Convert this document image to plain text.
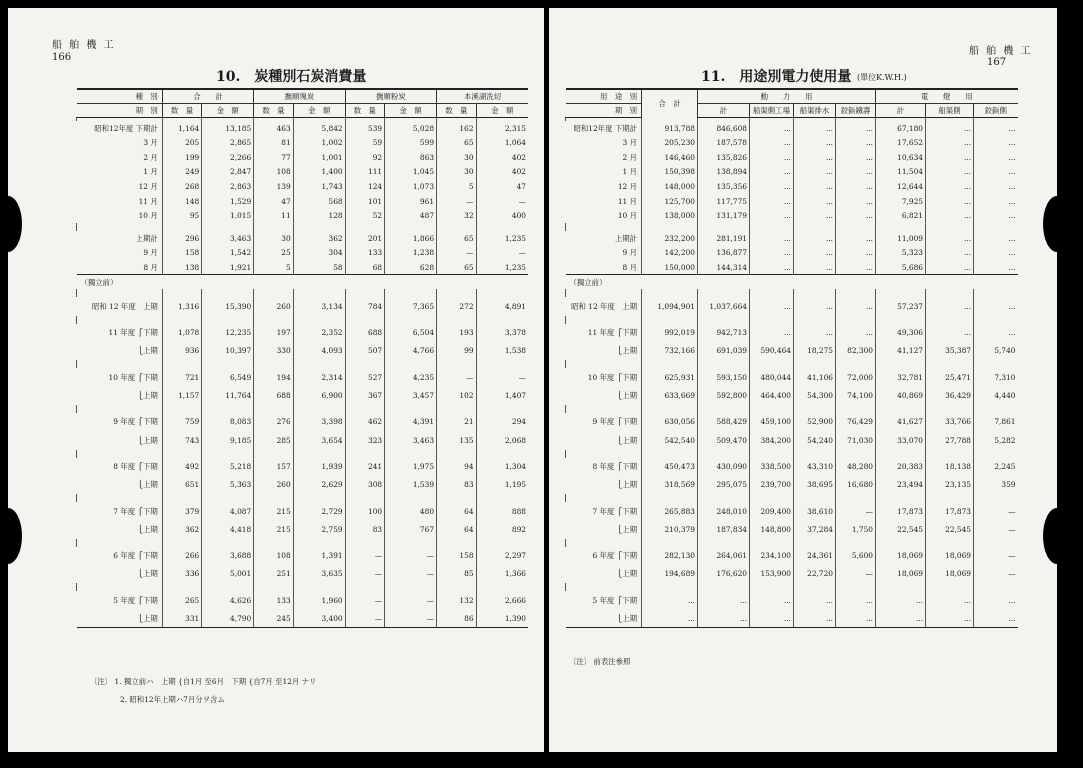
船 舶 機 工
166
10.　炭種別石炭消費量
種　別	合　　計		撫順塊炭		撫順粉炭		本溪湖洗切	
期　別	数　量	金　額	数　量	金　額	数　量	金　額	数　量	金　額

昭和12年度 下期計	1,164	13,185	463	5,842	539	5,028	162	2,315
3 月	205	2,865	81	1,002	59	599	65	1,064
2 月	199	2,266	77	1,001	92	863	30	402
1 月	249	2,847	108	1,400	111	1,045	30	402
12 月	268	2,863	139	1,743	124	1,073	5	47
11 月	148	1,529	47	568	101	961	—	—
10 月	95	1,015	11	128	52	487	32	400

上期計	296	3,463	30	362	201	1,866	65	1,235
9 月	158	1,542	25	304	133	1,238	—	—
8 月	138	1,921	5	58	68	628	65	1,235
（獨立前）								

昭和 12 年度　上期	1,316	15,390	260	3,134	784	7,365	272	4,891

11 年度 ⎧下期	1,078	12,235	197	2,352	688	6,504	193	3,378
⎩上期	936	10,397	330	4,093	507	4,766	99	1,538

10 年度 ⎧下期	721	6,549	194	2,314	527	4,235	—	—
⎩上期	1,157	11,764	688	6,900	367	3,457	102	1,407

9 年度 ⎧下期	759	8,083	276	3,398	462	4,391	21	294
⎩上期	743	9,185	285	3,654	323	3,463	135	2,068

8 年度 ⎧下期	492	5,218	157	1,939	241	1,975	94	1,304
⎩上期	651	5,363	260	2,629	308	1,539	83	1,195

7 年度 ⎧下期	379	4,087	215	2,729	100	480	64	888
⎩上期	362	4,418	215	2,759	83	767	64	892

6 年度 ⎧下期	266	3,688	108	1,391	—	—	158	2,297
⎩上期	336	5,001	251	3,635	—	—	85	1,366

5 年度 ⎧下期	265	4,626	133	1,960	—	—	132	2,666
⎩上期	331	4,790	245	3,400	—	—	86	1,390
〔注〕 1. 獨立前ハ　上期 {自1月 至6月　下期 {自7月 至12月 ナリ
2. 昭和12年上期ハ7月分ヲ含ム
船 舶 機 工
167
11.　用途別電力使用量 (單位K.W.H.)
用　途　別	合　計	動　　力　　用				電　　燈　　用		
期　別		計	船渠側工場	船渠排水	鉸鋲鐵壽	計	船渠側	鉸鋲側

昭和12年度 下期計	913,788	846,608	...	...	...	67,180	...	...
3 月	205,230	187,578	...	...	...	17,652	...	...
2 月	146,460	135,826	...	...	...	10,634	...	...
1 月	150,398	138,894	...	...	...	11,504	...	...
12 月	148,000	135,356	...	...	...	12,644	...	...
11 月	125,700	117,775	...	...	...	7,925	...	...
10 月	138,000	131,179	...	...	...	6,821	...	...

上期計	232,200	281,191	...	...	...	11,009	...	...
9 月	142,200	136,877	...	...	...	5,323	...	...
8 月	150,000	144,314	...	...	...	5,686	...	...
（獨立前）								

昭和 12 年度　上期	1,094,901	1,037,664	...	...	...	57,237	...	...

11 年度 ⎧下期	992,019	942,713	...	...	...	49,306	...	...
⎩上期	732,166	691,039	590,464	18,275	82,300	41,127	35,387	5,740

10 年度 ⎧下期	625,931	593,150	480,044	41,106	72,000	32,781	25,471	7,310
⎩上期	633,669	592,800	464,400	54,300	74,100	40,869	36,429	4,440

9 年度 ⎧下期	630,056	588,429	459,100	52,900	76,429	41,627	33,766	7,861
⎩上期	542,540	509,470	384,200	54,240	71,030	33,070	27,788	5,282

8 年度 ⎧下期	450,473	430,090	338,500	43,310	48,280	20,383	18,138	2,245
⎩上期	318,569	295,075	239,700	38,695	16,680	23,494	23,135	359

7 年度 ⎧下期	265,883	248,010	209,400	38,610	—	17,873	17,873	—
⎩上期	210,379	187,834	148,800	37,284	1,750	22,545	22,545	—

6 年度 ⎧下期	282,130	264,061	234,100	24,361	5,600	18,069	18,069	—
⎩上期	194,689	176,620	153,900	22,720	—	18,069	18,069	—

5 年度 ⎧下期	...	...	...	...	...	...	...	...
⎩上期	...	...	...	...	...	...	...	...
〔注〕 前表注參照
